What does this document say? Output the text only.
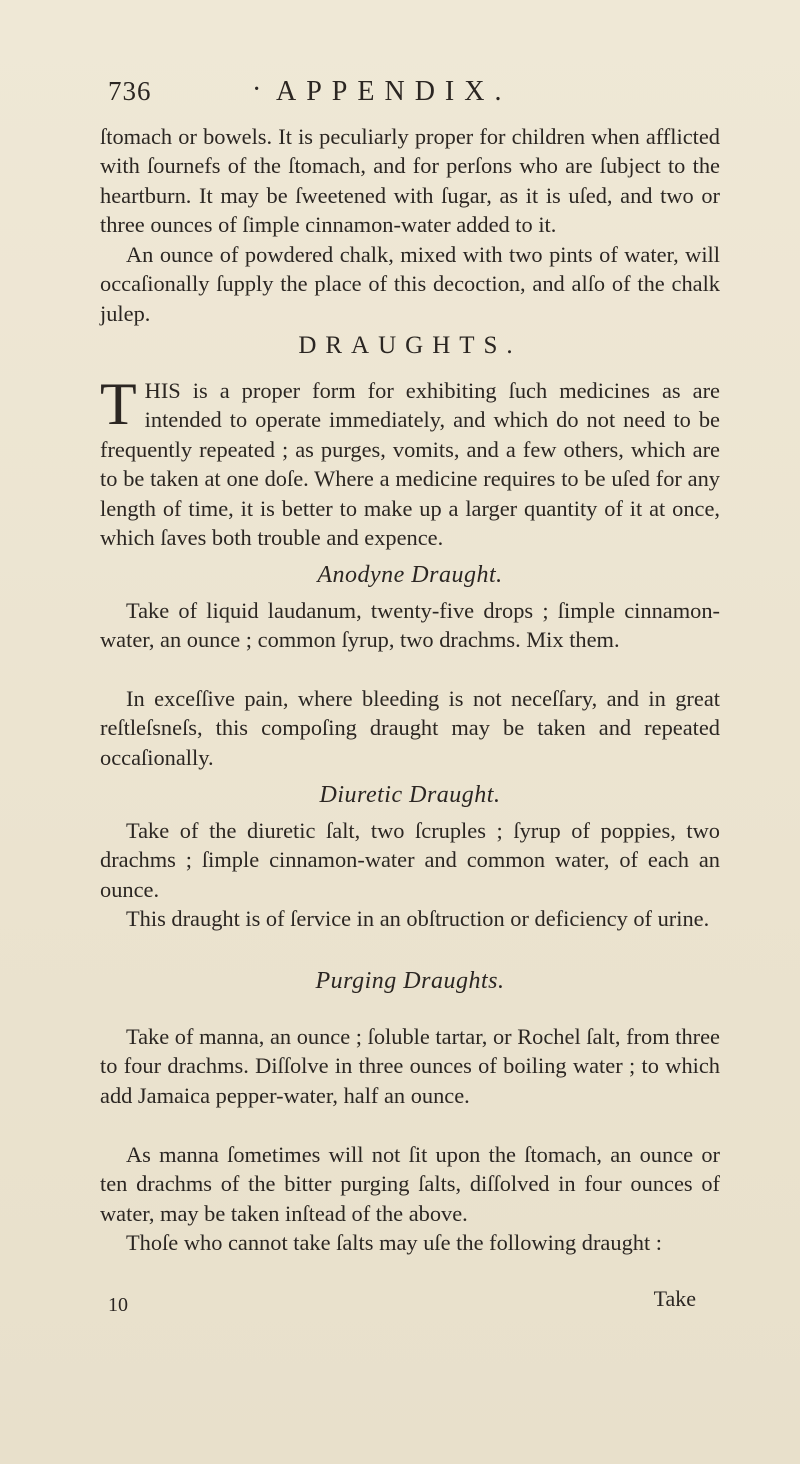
736	· APPENDIX.

ſtomach or bowels. It is peculiarly proper for children when afflicted with ſournefs of the ſtomach, and for perſons who are ſubject to the heartburn. It may be ſweetened with ſugar, as it is uſed, and two or three ounces of ſimple cinnamon-water added to it.

An ounce of powdered chalk, mixed with two pints of water, will occaſionally ſupply the place of this decoction, and alſo of the chalk julep.

DRAUGHTS.

THIS is a proper form for exhibiting ſuch medicines as are intended to operate immediately, and which do not need to be frequently repeated ; as purges, vomits, and a few others, which are to be taken at one doſe. Where a medicine requires to be uſed for any length of time, it is better to make up a larger quantity of it at once, which ſaves both trouble and expence.

Anodyne Draught.

Take of liquid laudanum, twenty-five drops ; ſimple cinnamon-water, an ounce ; common ſyrup, two drachms. Mix them.

In exceſſive pain, where bleeding is not neceſſary, and in great reſtleſsneſs, this compoſing draught may be taken and repeated occaſionally.

Diuretic Draught.

Take of the diuretic ſalt, two ſcruples ; ſyrup of poppies, two drachms ; ſimple cinnamon-water and common water, of each an ounce.

This draught is of ſervice in an obſtruction or deficiency of urine.

Purging Draughts.

Take of manna, an ounce ; ſoluble tartar, or Rochel ſalt, from three to four drachms. Diſſolve in three ounces of boiling water ; to which add Jamaica pepper-water, half an ounce.

As manna ſometimes will not ſit upon the ſtomach, an ounce or ten drachms of the bitter purging ſalts, diſſolved in four ounces of water, may be taken inſtead of the above.

Thoſe who cannot take ſalts may uſe the following draught :

10	Take
